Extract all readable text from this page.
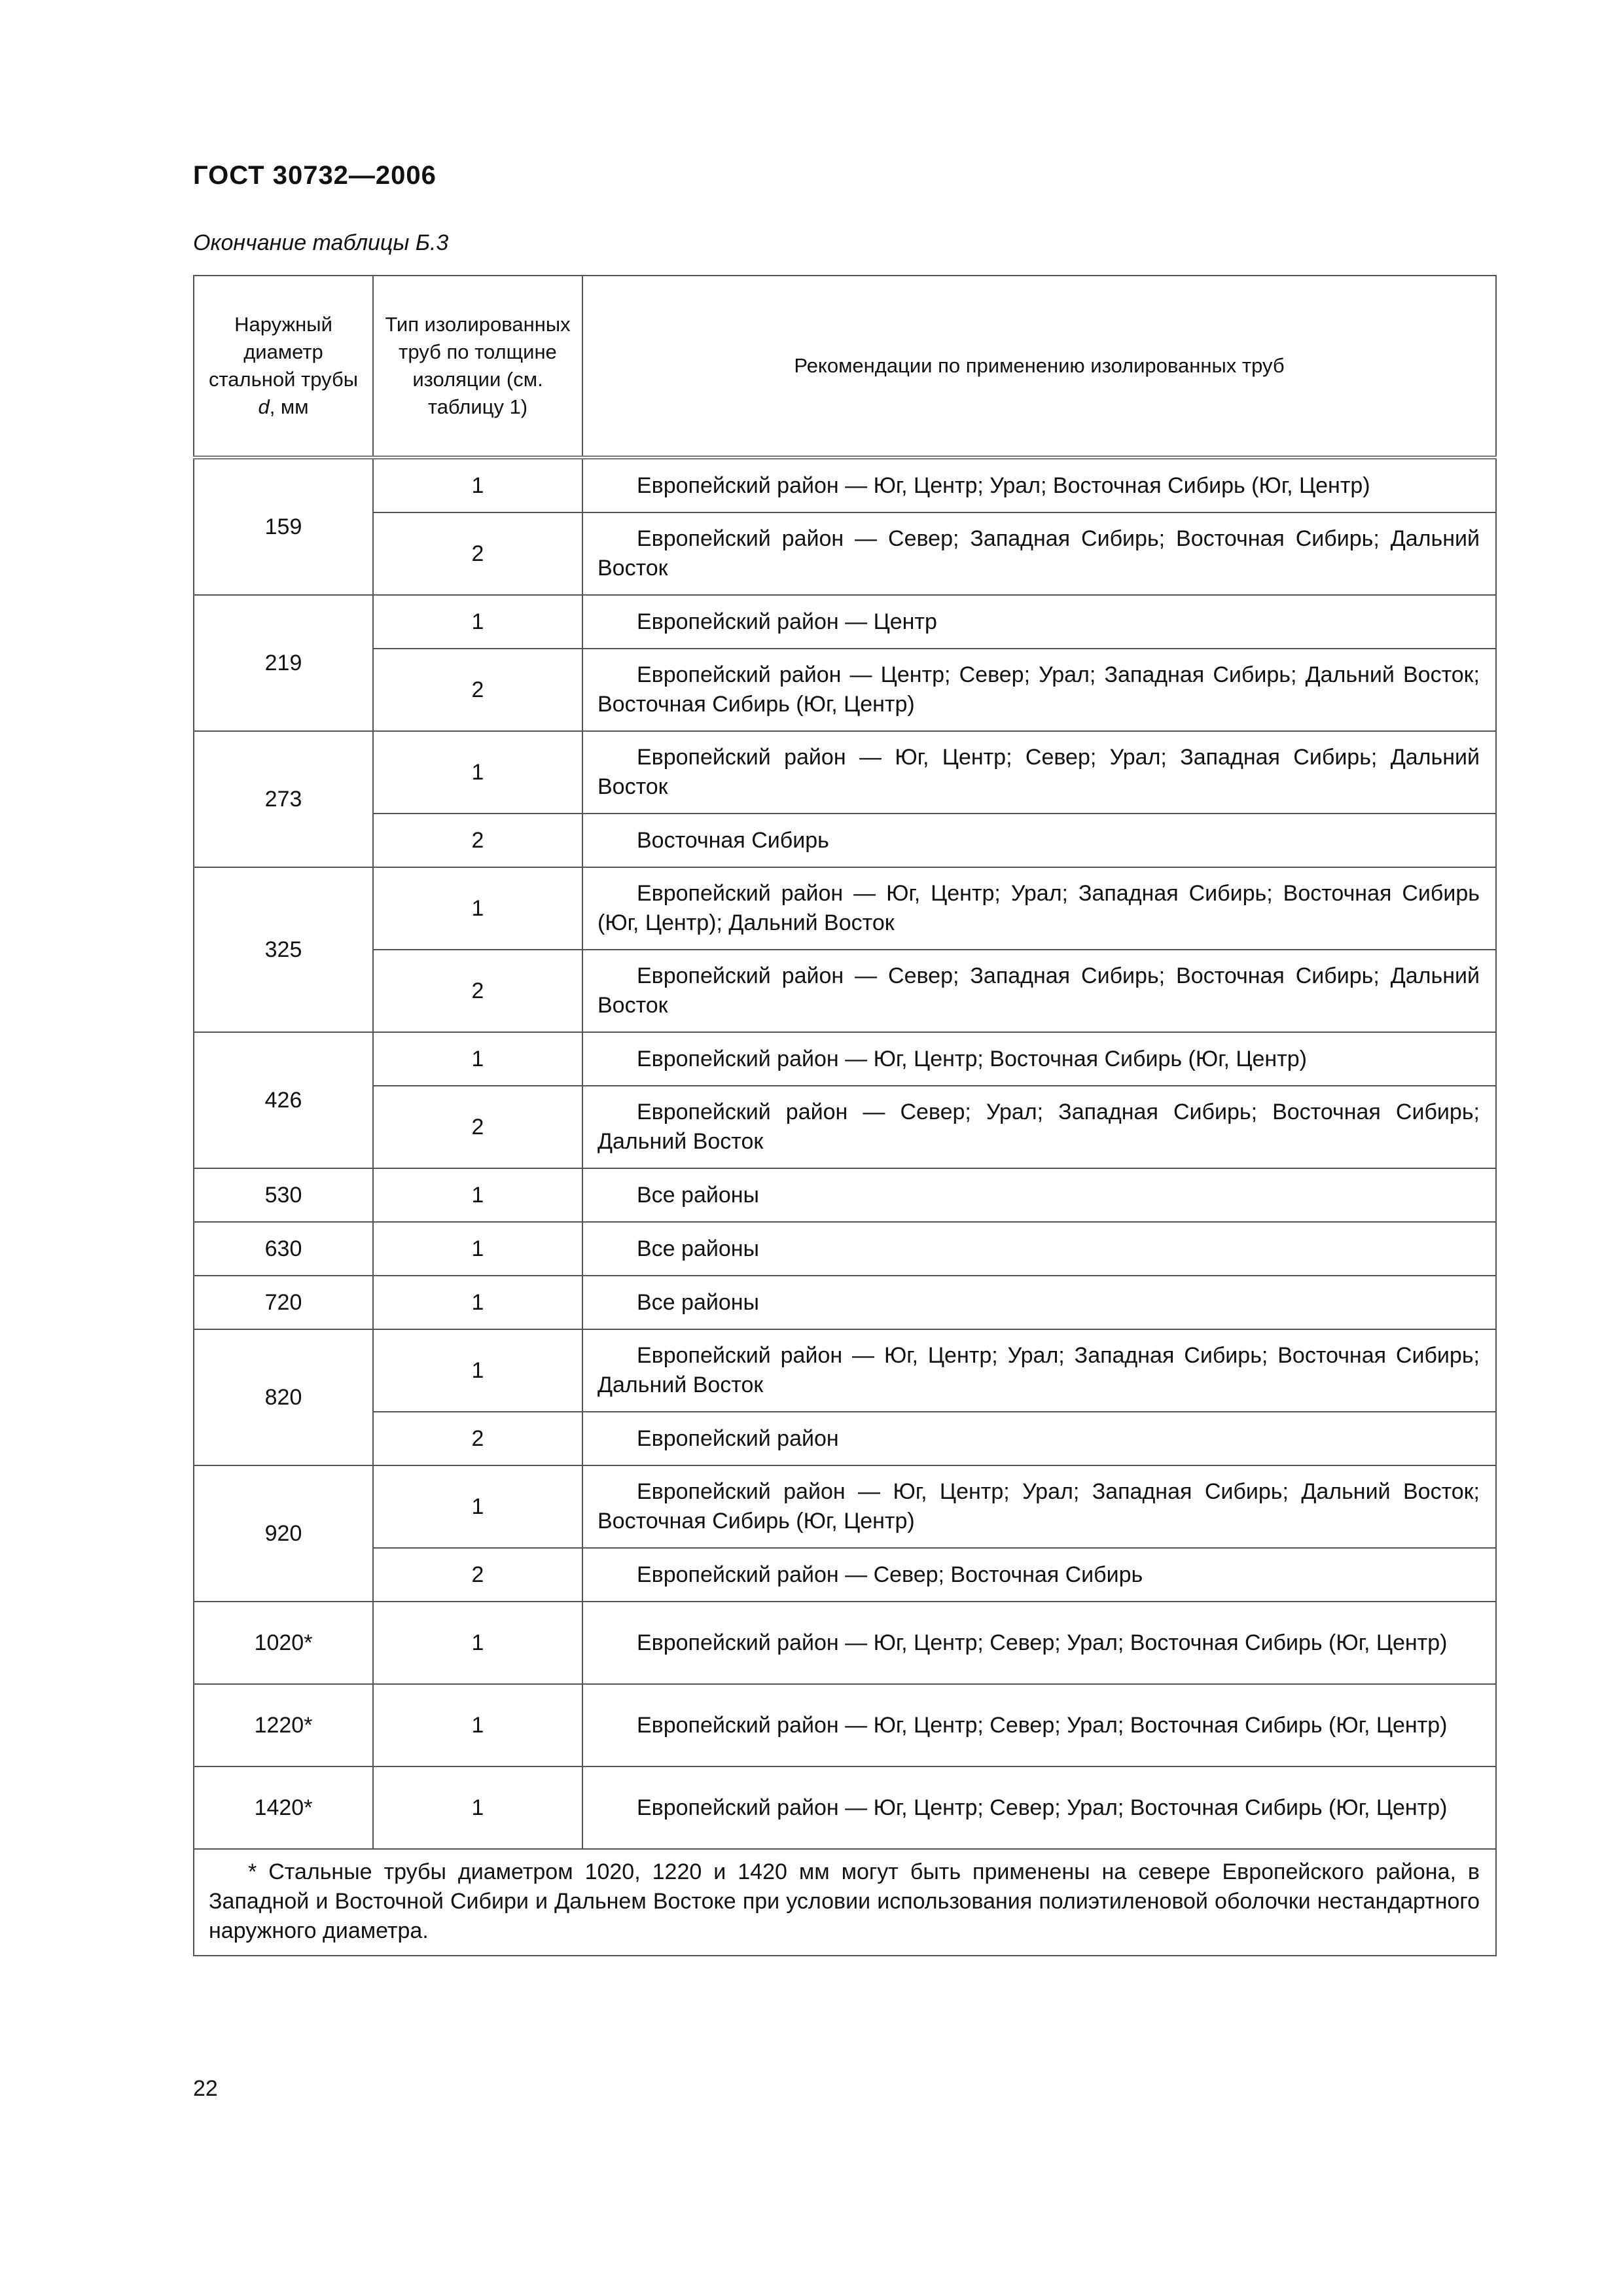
ГОСТ 30732—2006

Окончание таблицы Б.3

Наружный диаметр стальной трубы d, мм	Тип изолированных труб по толщине изоляции (см. таблицу 1)	Рекомендации по применению изолированных труб
159	1	Европейский район — Юг, Центр; Урал; Восточная Сибирь (Юг, Центр)
	2	Европейский район — Север; Западная Сибирь; Восточная Сибирь; Дальний Восток
219	1	Европейский район — Центр
	2	Европейский район — Центр; Север; Урал; Западная Сибирь; Дальний Восток; Восточная Сибирь (Юг, Центр)
273	1	Европейский район — Юг, Центр; Север; Урал; Западная Сибирь; Дальний Восток
	2	Восточная Сибирь
325	1	Европейский район — Юг, Центр; Урал; Западная Сибирь; Восточная Сибирь (Юг, Центр); Дальний Восток
	2	Европейский район — Север; Западная Сибирь; Восточная Сибирь; Дальний Восток
426	1	Европейский район — Юг, Центр; Восточная Сибирь (Юг, Центр)
	2	Европейский район — Север; Урал; Западная Сибирь; Восточная Сибирь; Дальний Восток
530	1	Все районы
630	1	Все районы
720	1	Все районы
820	1	Европейский район — Юг, Центр; Урал; Западная Сибирь; Восточная Сибирь; Дальний Восток
	2	Европейский район
920	1	Европейский район — Юг, Центр; Урал; Западная Сибирь; Дальний Восток; Восточная Сибирь (Юг, Центр)
	2	Европейский район — Север; Восточная Сибирь
1020*	1	Европейский район — Юг, Центр; Север; Урал; Восточная Сибирь (Юг, Центр)
1220*	1	Европейский район — Юг, Центр; Север; Урал; Восточная Сибирь (Юг, Центр)
1420*	1	Европейский район — Юг, Центр; Север; Урал; Восточная Сибирь (Юг, Центр)
* Стальные трубы диаметром 1020, 1220 и 1420 мм могут быть применены на севере Европейского района, в Западной и Восточной Сибири и Дальнем Востоке при условии использования полиэтиленовой оболочки нестандартного наружного диаметра.		

22
